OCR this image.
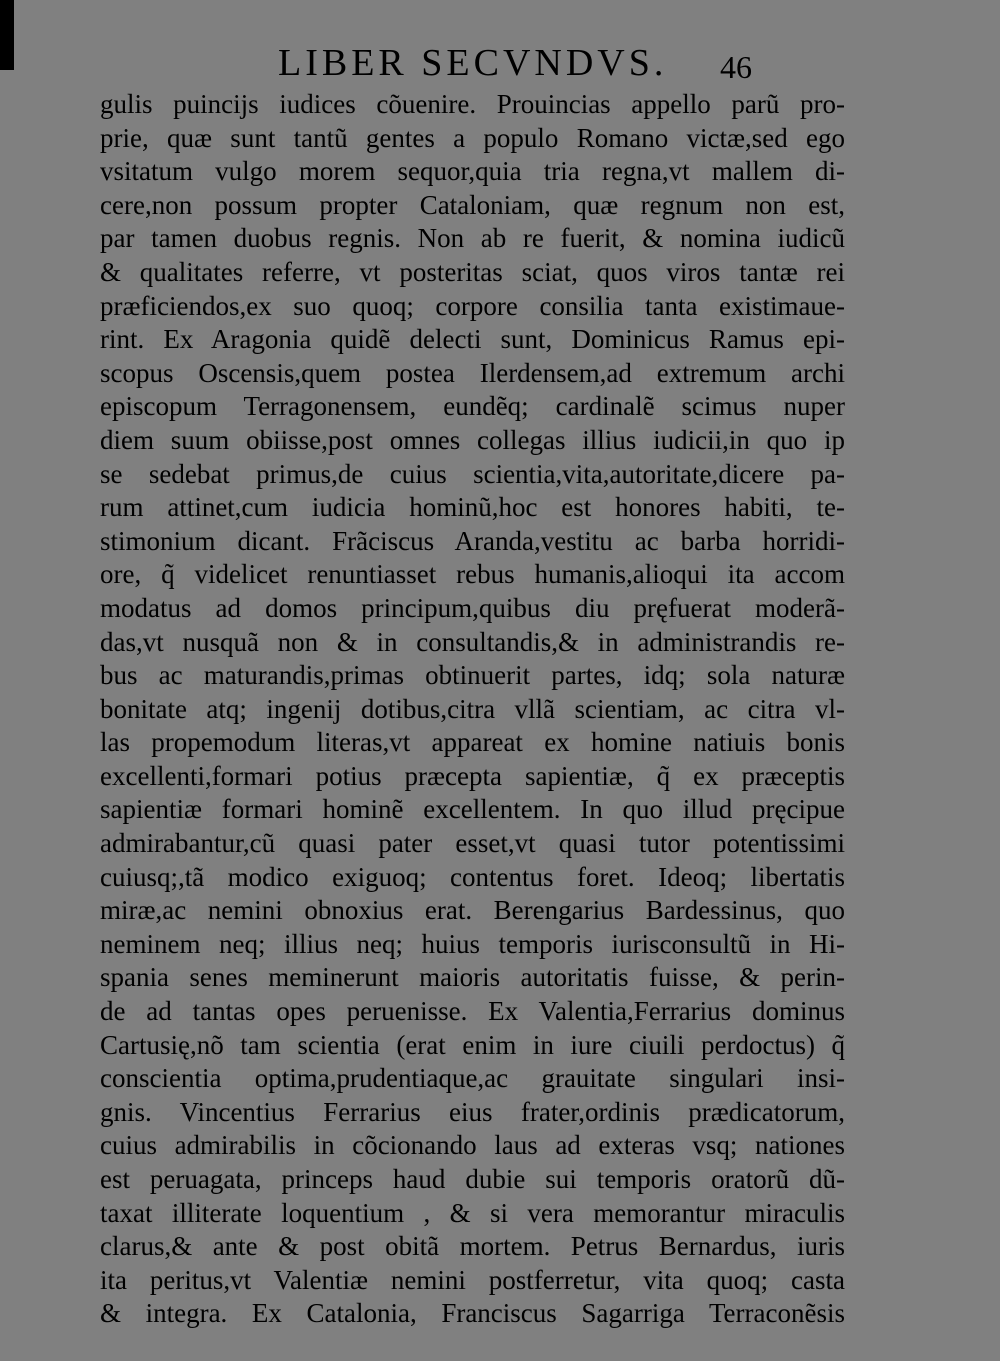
LIBER SECVNDVS. 46
gulis puincijs iudices cõuenire. Prouincias appello parũ pro-
prie, quæ sunt tantũ gentes a populo Romano victæ,sed ego
vsitatum vulgo morem sequor,quia tria regna,vt mallem di-
cere,non possum propter Cataloniam, quæ regnum non est,
par tamen duobus regnis. Non ab re fuerit, & nomina iudicũ
& qualitates referre, vt posteritas sciat, quos viros tantæ rei
præficiendos,ex suo quoq; corpore consilia tanta existimaue-
rint. Ex Aragonia quidẽ delecti sunt, Dominicus Ramus epi-
scopus Oscensis,quem postea Ilerdensem,ad extremum archi
episcopum Terragonensem, eundẽq; cardinalẽ scimus nuper
diem suum obiisse,post omnes collegas illius iudicii,in quo ip
se sedebat primus,de cuius scientia,vita,autoritate,dicere pa-
rum attinet,cum iudicia hominũ,hoc est honores habiti, te-
stimonium dicant. Frãciscus Aranda,vestitu ac barba horridi-
ore, q̃ videlicet renuntiasset rebus humanis,alioqui ita accom
modatus ad domos principum,quibus diu pręfuerat moderã-
das,vt nusquã non & in consultandis,& in administrandis re-
bus ac maturandis,primas obtinuerit partes, idq; sola naturæ
bonitate atq; ingenij dotibus,citra vllã scientiam, ac citra vl-
las propemodum literas,vt appareat ex homine natiuis bonis
excellenti,formari potius præcepta sapientiæ, q̃ ex præceptis
sapientiæ formari hominẽ excellentem. In quo illud pręcipue
admirabantur,cũ quasi pater esset,vt quasi tutor potentissimi
cuiusq;,tã modico exiguoq; contentus foret. Ideoq; libertatis
miræ,ac nemini obnoxius erat. Berengarius Bardessinus, quo
neminem neq; illius neq; huius temporis iurisconsultũ in Hi-
spania senes meminerunt maioris autoritatis fuisse, & perin-
de ad tantas opes peruenisse. Ex Valentia,Ferrarius dominus
Cartusię,nõ tam scientia (erat enim in iure ciuili perdoctus) q̃
conscientia optima,prudentiaque,ac grauitate singulari insi-
gnis. Vincentius Ferrarius eius frater,ordinis prædicatorum,
cuius admirabilis in cõcionando laus ad exteras vsq; nationes
est peruagata, princeps haud dubie sui temporis oratorũ dũ-
taxat illiterate loquentium , & si vera memorantur miraculis
clarus,& ante & post obitã mortem. Petrus Bernardus, iuris
ita peritus,vt Valentiæ nemini postferretur, vita quoq; casta
& integra. Ex Catalonia, Franciscus Sagarriga Terraconẽsis
